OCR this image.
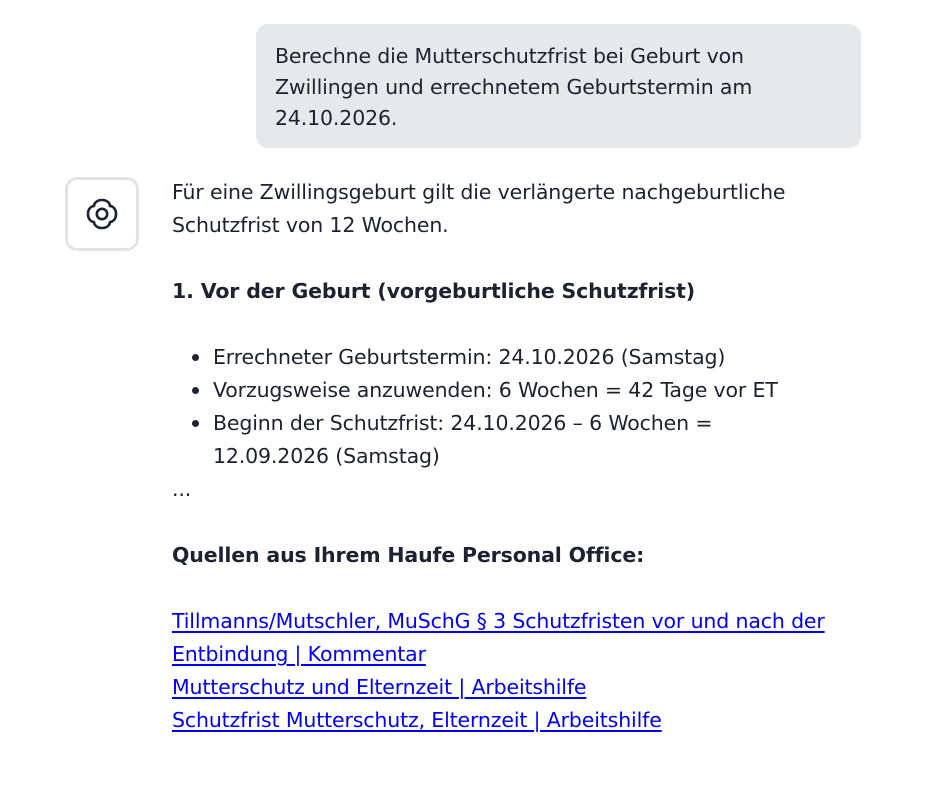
Berechne die Mutterschutzfrist bei Geburt von Zwillingen und errechnetem Geburtstermin am 24.10.2026.

Für eine Zwillingsgeburt gilt die verlängerte nachgeburtliche Schutzfrist von 12 Wochen.

1. Vor der Geburt (vorgeburtliche Schutzfrist)

Errechneter Geburtstermin: 24.10.2026 (Samstag)
Vorzugsweise anzuwenden: 6 Wochen = 42 Tage vor ET
Beginn der Schutzfrist: 24.10.2026 – 6 Wochen = 12.09.2026 (Samstag)

...

Quellen aus Ihrem Haufe Personal Office:

Tillmanns/Mutschler, MuSchG § 3 Schutzfristen vor und nach der Entbindung | Kommentar
Mutterschutz und Elternzeit | Arbeitshilfe
Schutzfrist Mutterschutz, Elternzeit | Arbeitshilfe
